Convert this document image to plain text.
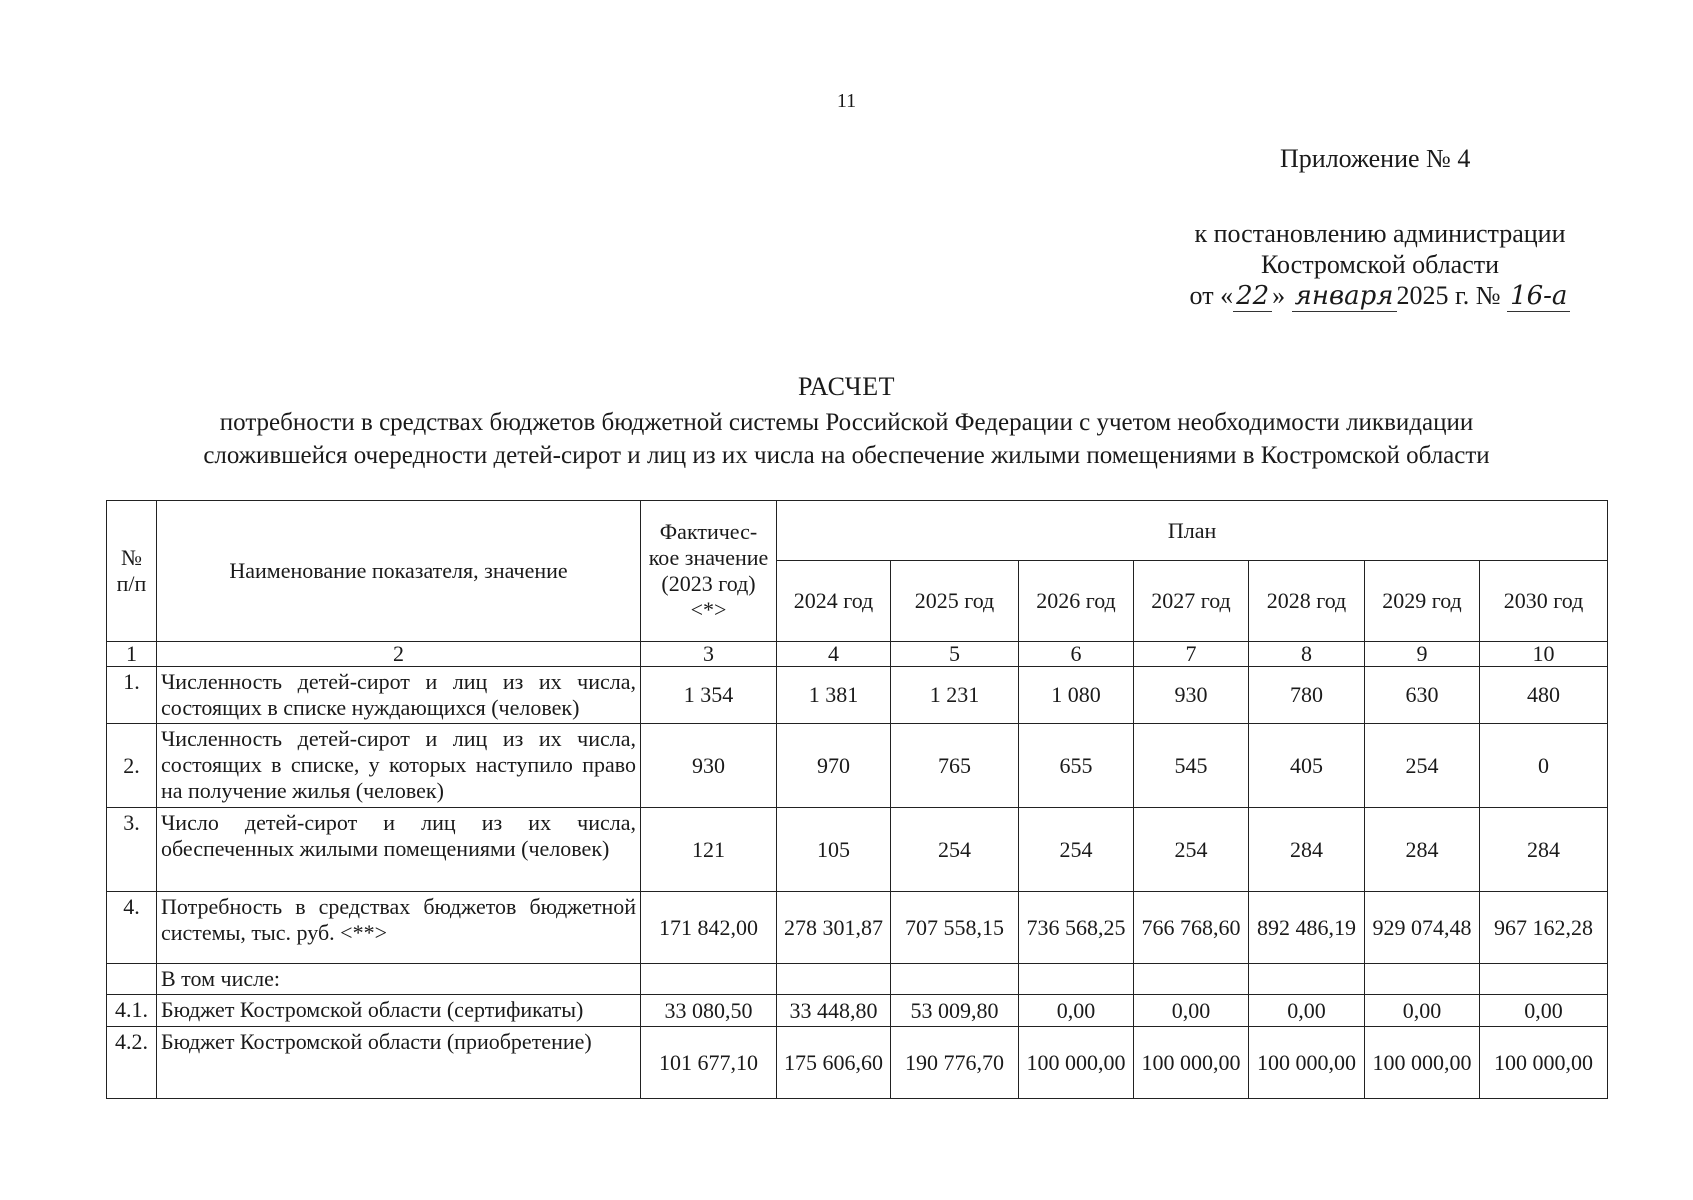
11
Приложение № 4
к постановлению администрации
Костромской области
от « 22 » января 2025 г. № 16-а
РАСЧЕТ
потребности в средствах бюджетов бюджетной системы Российской Федерации с учетом необходимости ликвидации
сложившейся очередности детей-сирот и лиц из их числа на обеспечение жилыми помещениями в Костромской области
№ п/п	Наименование показателя, значение	Фактичес-кое значение (2023 год) <*>	План						
			2024 год	2025 год	2026 год	2027 год	2028 год	2029 год	2030 год
1	2	3	4	5	6	7	8	9	10
1.	Численность детей-сирот и лиц из их числа, состоящих в списке нуждающихся (человек)	1 354	1 381	1 231	1 080	930	780	630	480
2.	Численность детей-сирот и лиц из их числа, состоящих в списке, у которых наступило право на получение жилья (человек)	930	970	765	655	545	405	254	0
3.	Число детей-сирот и лиц из их числа, обеспеченных жилыми помещениями (человек)	121	105	254	254	254	284	284	284
4.	Потребность в средствах бюджетов бюджетной системы, тыс. руб. <**>	171 842,00	278 301,87	707 558,15	736 568,25	766 768,60	892 486,19	929 074,48	967 162,28
	В том числе:								
4.1.	Бюджет Костромской области (сертификаты)	33 080,50	33 448,80	53 009,80	0,00	0,00	0,00	0,00	0,00
4.2.	Бюджет Костромской области (приобретение)	101 677,10	175 606,60	190 776,70	100 000,00	100 000,00	100 000,00	100 000,00	100 000,00
